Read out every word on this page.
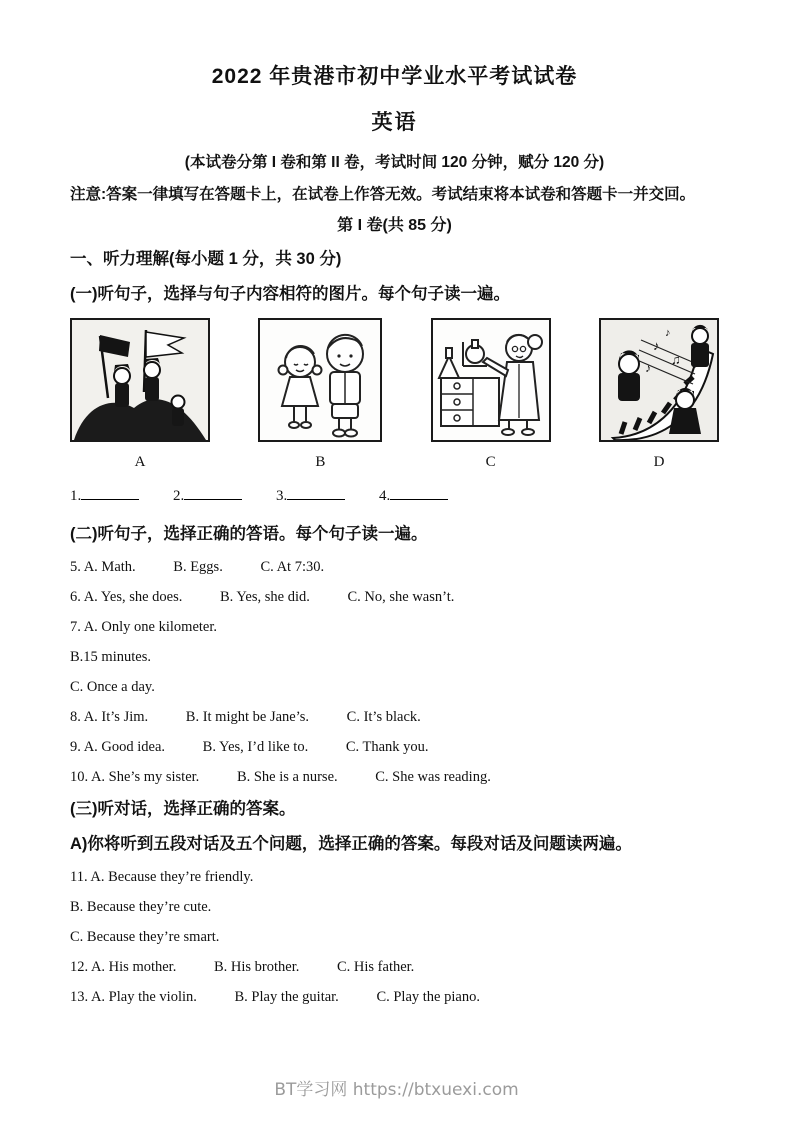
2022 年贵港市初中学业水平考试试卷
英语
(本试卷分第 I 卷和第 II 卷，考试时间 120 分钟，赋分 120 分)
注意:答案一律填写在答题卡上，在试卷上作答无效。考试结束将本试卷和答题卡一并交回。
第 I 卷(共 85 分)
一、听力理解(每小题 1 分，共 30 分)
(一)听句子，选择与句子内容相符的图片。每个句子读一遍。
♪
♫
♪
♪
A	B	C	D
1.	2.	3.	4.
(二)听句子，选择正确的答语。每个句子读一遍。
5. A. Math.	B. Eggs.	C. At 7:30.
6. A. Yes, she does.	B. Yes, she did.	C. No, she wasn’t.
7. A. Only one kilometer.
B.15 minutes.
C. Once a day.
8. A. It’s Jim.	B. It might be Jane’s.	C. It’s black.
9. A. Good idea.	B. Yes, I’d like to.	C. Thank you.
10. A. She’s my sister.	B. She is a nurse.	C. She was reading.
(三)听对话，选择正确的答案。
A)你将听到五段对话及五个问题，选择正确的答案。每段对话及问题读两遍。
11. A. Because they’re friendly.
B. Because they’re cute.
C. Because they’re smart.
12. A. His mother.	B. His brother.	C. His father.
13. A. Play the violin.	B. Play the guitar.	C. Play the piano.
BT学习网 https://btxuexi.com
